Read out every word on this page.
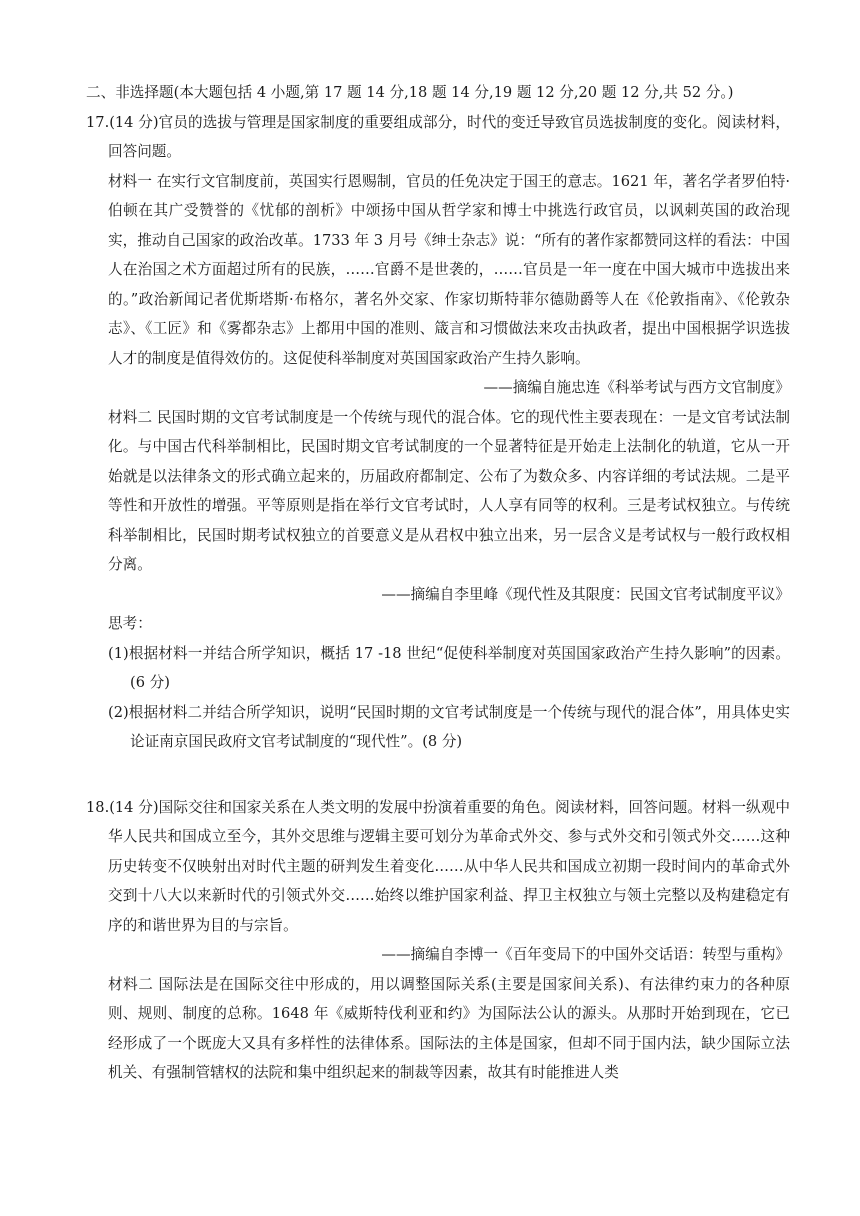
二、非选择题(本大题包括 4 小题,第 17 题 14 分,18 题 14 分,19 题 12 分,20 题 12 分,共 52 分。)

17.(14 分)官员的选拔与管理是国家制度的重要组成部分，时代的变迁导致官员选拔制度的变化。阅读材料，回答问题。

材料一 在实行文官制度前，英国实行恩赐制，官员的任免决定于国王的意志。1621 年，著名学者罗伯特·伯顿在其广受赞誉的《忧郁的剖析》中颂扬中国从哲学家和博士中挑选行政官员，以讽刺英国的政治现实，推动自己国家的政治改革。1733 年 3 月号《绅士杂志》说：“所有的著作家都赞同这样的看法：中国人在治国之术方面超过所有的民族，……官爵不是世袭的，……官员是一年一度在中国大城市中选拔出来的。”政治新闻记者优斯塔斯·布格尔，著名外交家、作家切斯特菲尔德勋爵等人在《伦敦指南》、《伦敦杂志》、《工匠》和《雾都杂志》上都用中国的准则、箴言和习惯做法来攻击执政者，提出中国根据学识选拔人才的制度是值得效仿的。这促使科举制度对英国国家政治产生持久影响。

——摘编自施忠连《科举考试与西方文官制度》

材料二 民国时期的文官考试制度是一个传统与现代的混合体。它的现代性主要表现在：一是文官考试法制化。与中国古代科举制相比，民国时期文官考试制度的一个显著特征是开始走上法制化的轨道，它从一开始就是以法律条文的形式确立起来的，历届政府都制定、公布了为数众多、内容详细的考试法规。二是平等性和开放性的增强。平等原则是指在举行文官考试时，人人享有同等的权利。三是考试权独立。与传统科举制相比，民国时期考试权独立的首要意义是从君权中独立出来，另一层含义是考试权与一般行政权相分离。

——摘编自李里峰《现代性及其限度：民国文官考试制度平议》

思考：

(1)根据材料一并结合所学知识，概括 17 -18 世纪“促使科举制度对英国国家政治产生持久影响”的因素。(6 分)

(2)根据材料二并结合所学知识，说明“民国时期的文官考试制度是一个传统与现代的混合体”，用具体史实论证南京国民政府文官考试制度的“现代性”。(8 分)

18.(14 分)国际交往和国家关系在人类文明的发展中扮演着重要的角色。阅读材料，回答问题。材料一纵观中华人民共和国成立至今，其外交思维与逻辑主要可划分为革命式外交、参与式外交和引领式外交……这种历史转变不仅映射出对时代主题的研判发生着变化……从中华人民共和国成立初期一段时间内的革命式外交到十八大以来新时代的引领式外交……始终以维护国家利益、捍卫主权独立与领土完整以及构建稳定有序的和谐世界为目的与宗旨。

——摘编自李博一《百年变局下的中国外交话语：转型与重构》

材料二 国际法是在国际交往中形成的，用以调整国际关系(主要是国家间关系)、有法律约束力的各种原则、规则、制度的总称。1648 年《威斯特伐利亚和约》为国际法公认的源头。从那时开始到现在，它已经形成了一个既庞大又具有多样性的法律体系。国际法的主体是国家，但却不同于国内法，缺少国际立法机关、有强制管辖权的法院和集中组织起来的制裁等因素，故其有时能推进人类
